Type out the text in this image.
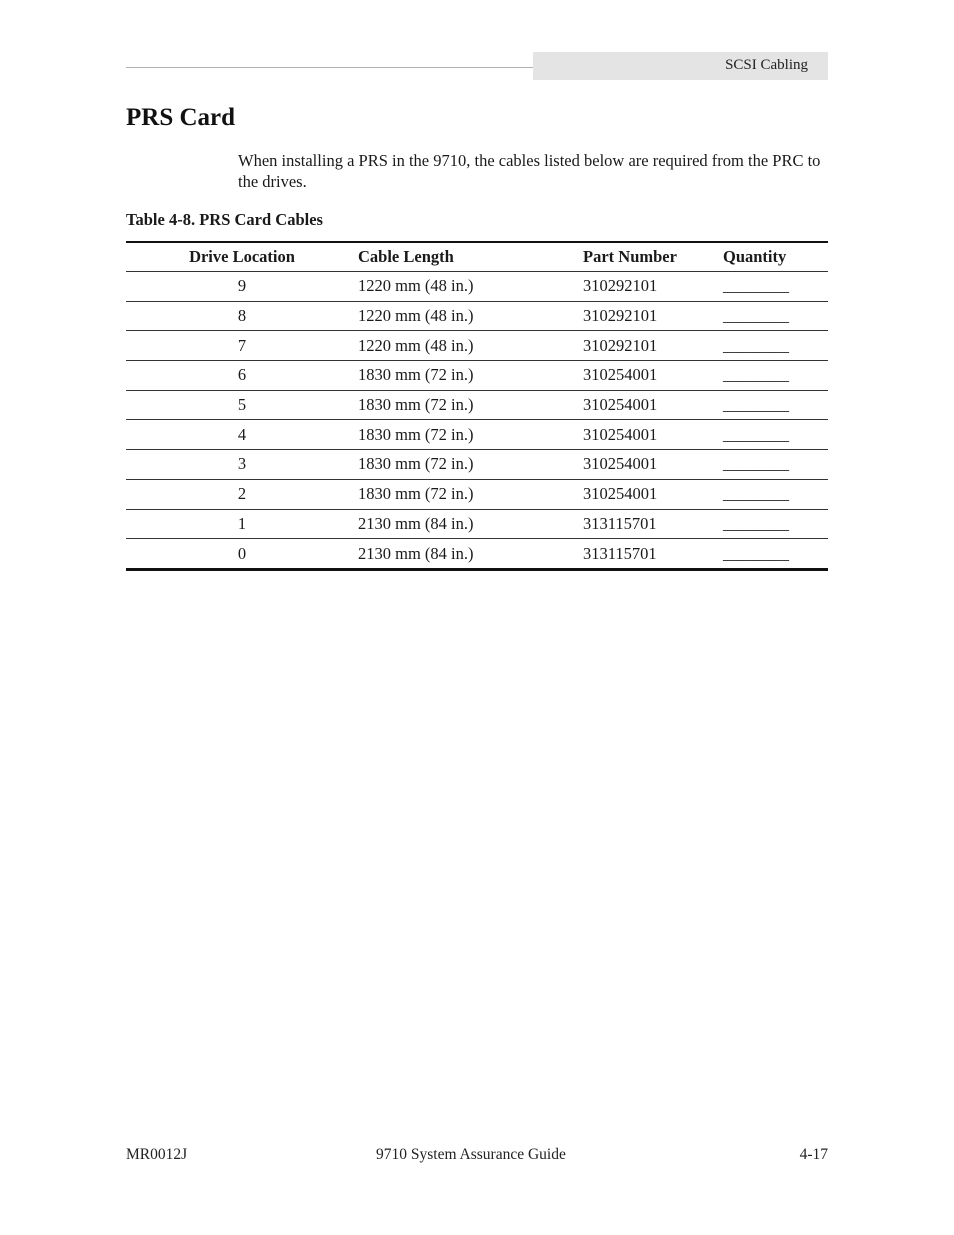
SCSI Cabling
PRS Card

When installing a PRS in the 9710, the cables listed below are required from the PRC to the drives.

Table 4-8. PRS Card Cables

Drive Location	Cable Length	Part Number	Quantity
9	1220 mm (48 in.)	310292101	________
8	1220 mm (48 in.)	310292101	________
7	1220 mm (48 in.)	310292101	________
6	1830 mm (72 in.)	310254001	________
5	1830 mm (72 in.)	310254001	________
4	1830 mm (72 in.)	310254001	________
3	1830 mm (72 in.)	310254001	________
2	1830 mm (72 in.)	310254001	________
1	2130 mm (84 in.)	313115701	________
0	2130 mm (84 in.)	313115701	________
MR0012J	9710 System Assurance Guide	4-17
